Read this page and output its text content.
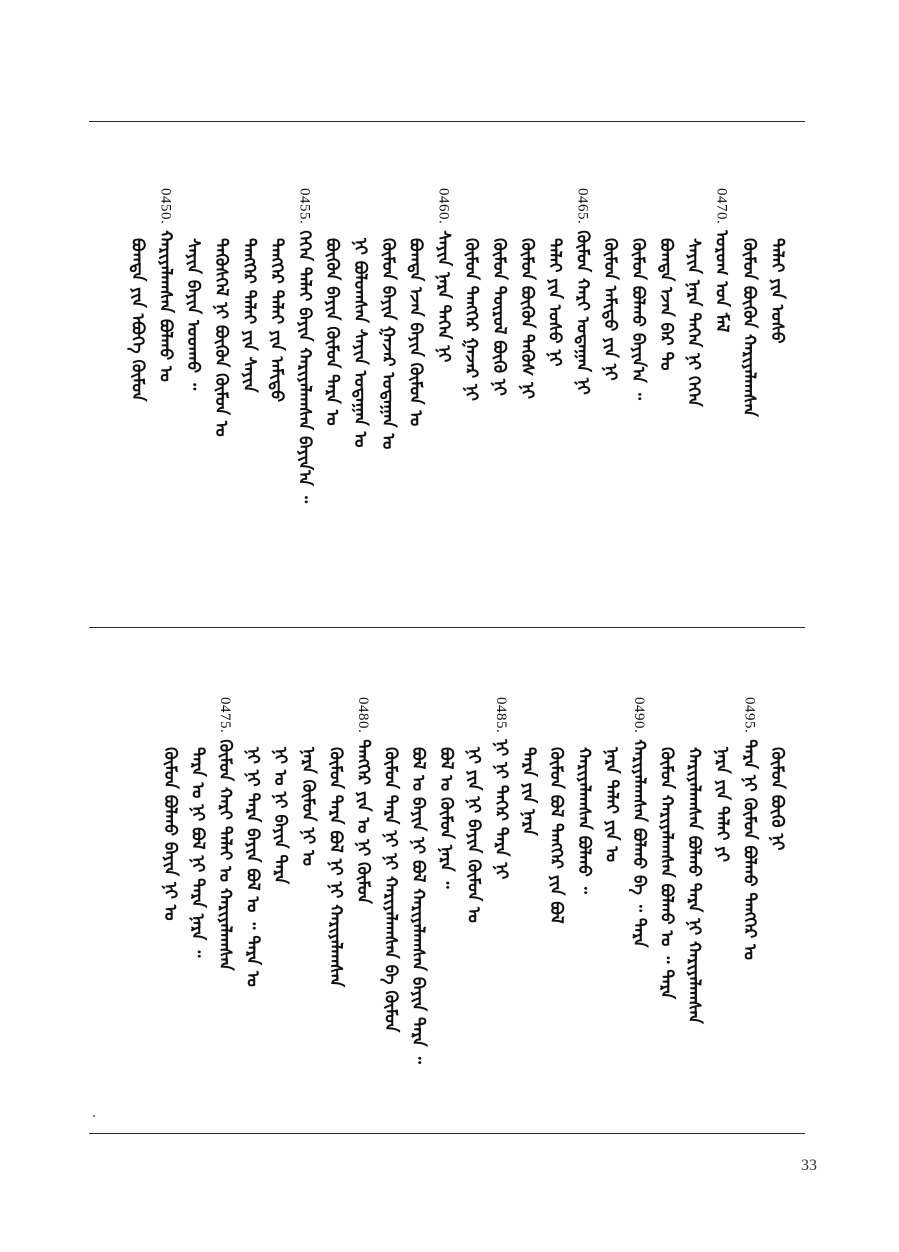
ᠳᠠᠯᠠᠢ ᠶᠢᠨ ᠤᠰᠤ
ᠬᠦᠮᠦᠨ ᠪᠦᠬᠦᠨ ᠬᠠᠷᠢᠶᠠᠯᠠᠭᠰᠠᠨ
0470.ᠤᠷᠤᠭ ᠤᠨ ᠮᠠᠯ
ᠰᠠᠶᠢᠨ ᠨᠡᠷᠡ ᠳᠡᠭᠡᠨ ᠨᠢ ᠭᠡᠭᠡᠨ
ᠪᠣᠭᠳᠠ ᠡᠵᠡᠨ ᠪᠠᠷ ᠲᠤ
ᠬᠦᠮᠦᠨ ᠪᠣᠯᠬᠣ ᠪᠠᠶᠢᠨ᠎ᠠ ᠃
ᠬᠦᠮᠦᠨ ᠠᠮᠢᠳᠤ ᠶᠢᠨ ᠨᠢ
0465.ᠬᠦᠮᠦᠨ ᠬᠠᠷᠢ ᠤᠳᠠᠭᠠᠨ ᠨᠢ
ᠳᠠᠯᠠᠢ ᠶᠢᠨ ᠤᠰᠤ ᠨᠢ
ᠬᠦᠮᠦᠨ ᠪᠦᠬᠦᠨ ᠲᠡᠭᠦᠰ ᠨᠢ
ᠬᠦᠮᠦᠨ ᠲᠦᠷᠦᠯ ᠪᠦᠬᠦ ᠨᠢ
ᠬᠦᠮᠦᠨ ᠲᠡᠩᠭᠡᠷ ᠭᠠᠵᠠᠷ ᠨᠢ
0460.ᠰᠠᠶᠢᠨ ᠨᠡᠷᠡ ᠳᠡᠭᠡᠨ ᠨᠢ
ᠪᠣᠭᠳᠠ ᠡᠵᠡᠨ ᠪᠠᠶᠢᠨ ᠬᠦᠮᠦᠨ ᠤ
ᠬᠦᠮᠦᠨ ᠪᠠᠶᠢᠨ ᠭᠠᠵᠠᠷ ᠤᠳᠠᠭᠠᠨ ᠤ
ᠨᠢ ᠪᠣᠯᠣᠭᠰᠠᠨ ᠰᠠᠶᠢᠨ ᠤᠳᠠᠭᠠᠨ ᠤ
ᠪᠦᠬᠦᠨ ᠪᠠᠶᠢᠨ ᠬᠦᠮᠦᠨ ᠲᠡᠷᠡ ᠤ
0455.ᠭᠡᠭᠡᠨ ᠳᠠᠯᠠᠢ ᠪᠠᠶᠢᠨ ᠬᠠᠷᠢᠶᠠᠯᠠᠭᠰᠠᠨ ᠪᠠᠶᠢᠨ᠎ᠠ ᠃
ᠲᠡᠩᠭᠡᠷ ᠳᠠᠯᠠᠢ ᠶᠢᠨ ᠠᠮᠢᠳᠤ
ᠲᠡᠩᠭᠡᠷ ᠳᠠᠯᠠᠢ ᠶᠢᠨ ᠰᠠᠶᠢᠨ
ᠲᠡᠭᠦᠰᠬᠡᠯ ᠨᠢ ᠪᠦᠬᠦᠨ ᠬᠦᠮᠦᠨ ᠤ
ᠰᠠᠶᠢᠨ ᠪᠠᠶᠢᠨ ᠣᠳᠬᠣ ᠃
0450.ᠬᠠᠷᠢᠶᠠᠯᠠᠭᠰᠠᠨ ᠪᠣᠯᠬᠣ ᠤ
ᠪᠣᠭᠳᠠ ᠶᠢᠨ ᠡᠪᠦᠭᠡ ᠬᠦᠮᠦᠨ
ᠬᠦᠮᠦᠨ ᠪᠦᠬᠦ ᠨᠢ
0495.ᠲᠡᠷᠡ ᠨᠢ ᠬᠦᠮᠦᠨ ᠪᠣᠯᠬᠣ ᠲᠡᠩᠭᠡᠷ ᠤ
ᠨᠡᠷᠡ ᠶᠢᠨ ᠳᠠᠯᠠᠢ ᠶᠢ
ᠬᠠᠷᠢᠶᠠᠯᠠᠭᠰᠠᠨ ᠪᠣᠯᠬᠣ ᠲᠡᠷᠡ ᠨᠢ ᠬᠠᠷᠢᠶᠠᠯᠠᠭᠰᠠᠨ
ᠬᠦᠮᠦᠨ ᠬᠠᠷᠢᠶᠠᠯᠠᠭᠰᠠᠨ ᠪᠣᠯᠬᠣ ᠤ ᠃ ᠲᠡᠷᠡ
0490.ᠬᠠᠷᠢᠶᠠᠯᠠᠭᠰᠠᠨ ᠪᠣᠯᠬᠣ ᠪᠠ ᠃ ᠲᠡᠷᠡ
ᠨᠡᠷᠡ ᠳᠠᠯᠠᠢ ᠶᠢᠨ ᠤ
ᠬᠠᠷᠢᠶᠠᠯᠠᠭᠰᠠᠨ ᠪᠣᠯᠬᠣ ᠃
ᠬᠦᠮᠦᠨ ᠪᠣᠯ ᠲᠡᠩᠭᠡᠷ ᠶᠢᠨ ᠪᠣᠯ
ᠲᠡᠷᠡ ᠶᠢᠨ ᠨᠡᠷᠡ
0485.ᠨᠢ ᠨᠢ ᠳᠡᠭᠡᠷ ᠲᠡᠷᠡ ᠨᠢ
ᠨᠢ ᠶᠢᠨ ᠨᠢ ᠪᠠᠶᠢᠨ ᠬᠦᠮᠦᠨ ᠤ
ᠪᠣᠯ ᠤ ᠬᠦᠮᠦᠨ ᠨᠡᠷᠡ ᠃
ᠪᠣᠯ ᠤ ᠪᠠᠶᠢᠨ ᠨᠢ ᠪᠣᠯ ᠬᠠᠷᠢᠶᠠᠯᠠᠭᠰᠠᠨ ᠪᠠᠶᠢᠨ ᠲᠡᠷᠡ ᠃
ᠬᠦᠮᠦᠨ ᠲᠡᠷᠡ ᠨᠢ ᠨᠢ ᠬᠠᠷᠢᠶᠠᠯᠠᠭᠰᠠᠨ ᠪᠠ ᠬᠦᠮᠦᠨ
0480.ᠲᠡᠩᠭᠡᠷ ᠶᠢᠨ ᠤ ᠨᠢ ᠬᠦᠮᠦᠨ
ᠬᠦᠮᠦᠨ ᠲᠡᠷᠡ ᠪᠣᠯ ᠨᠢ ᠨᠢ ᠬᠠᠷᠢᠶᠠᠯᠠᠭᠰᠠᠨ
ᠨᠡᠷᠡ ᠬᠦᠮᠦᠨ ᠨᠢ ᠤ
ᠨᠢ ᠤ ᠨᠢ ᠪᠠᠶᠢᠨ ᠲᠡᠷᠡ
ᠨᠢ ᠨᠢ ᠲᠡᠷᠡ ᠪᠠᠶᠢᠨ ᠪᠣᠯ ᠤ ᠃ ᠲᠡᠷᠡ ᠤ
0475.ᠬᠦᠮᠦᠨ ᠬᠠᠷᠢ ᠳᠠᠯᠠᠢ ᠤ ᠬᠠᠷᠢᠶᠠᠯᠠᠭᠰᠠᠨ
ᠲᠡᠷᠡ ᠤ ᠨᠢ ᠪᠣᠯ ᠨᠢ ᠲᠡᠷᠡ ᠨᠡᠷᠡ ᠃
ᠬᠦᠮᠦᠨ ᠪᠣᠯᠬᠣ ᠪᠠᠶᠢᠨ ᠨᠢ ᠤ
33
